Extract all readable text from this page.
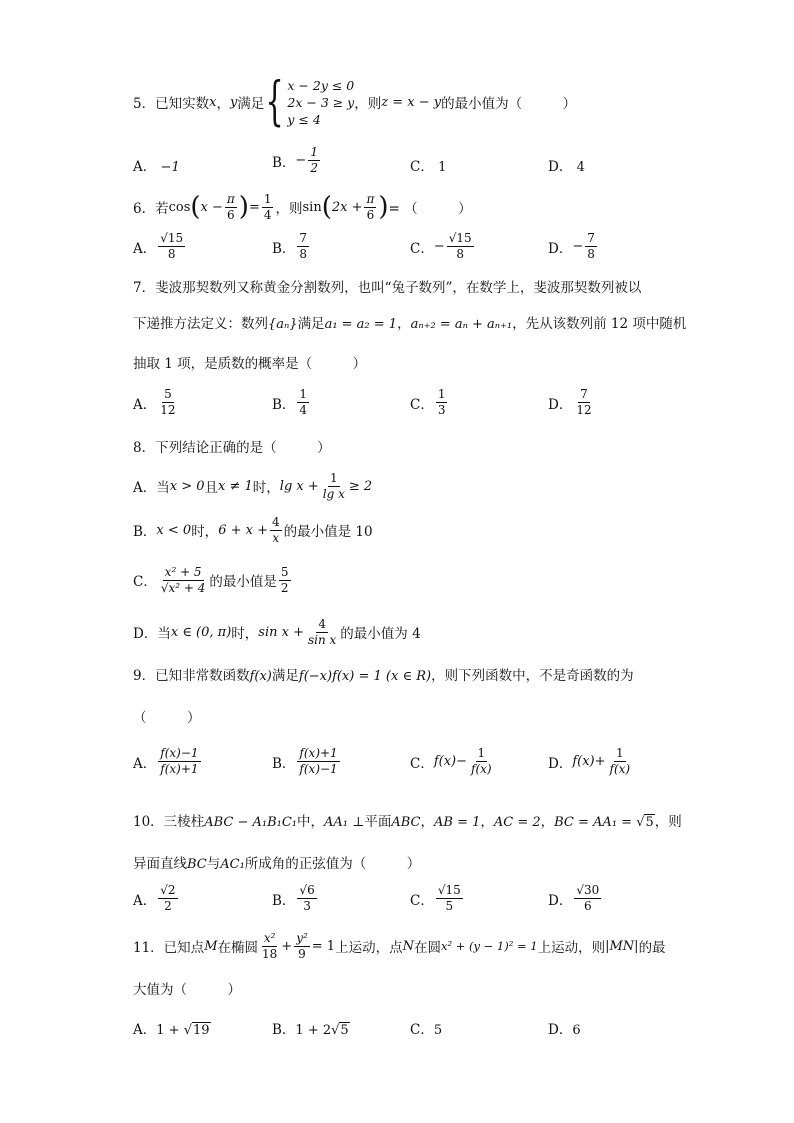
5．已知实数 x ， y 满足 { x − 2y ≤ 0
2x − 3 ≥ y
y ≤ 4
，则 z = x − y 的最小值为（　　　）
A． −1	B． − $\frac{1}{2}$	C． 1	D． 4
6．若 cos ( $x - \frac{\pi}{6}$ ) = $\frac{1}{4}$ ，则 sin ( $2x + \frac{\pi}{6}$ ) = （　　　）
A． $\frac{√15}{8}$	B． $\frac{7}{8}$	C． − $\frac{√15}{8}$	D． − $\frac{7}{8}$
7．斐波那契数列又称黄金分割数列，也叫“兔子数列”，在数学上，斐波那契数列被以
下递推方法定义：数列{aₙ}满足a₁ = a₂ = 1，aₙ₊₂ = aₙ + aₙ₊₁，先从该数列前 12 项中随机
抽取 1 项，是质数的概率是（　　　）
A． $\frac{5}{12}$	B． $\frac{1}{4}$	C． $\frac{1}{3}$	D． $\frac{7}{12}$
8．下列结论正确的是（　　　）
A．当 x > 0 且 x ≠ 1 时， $\lg x + \frac{1}{\text{lg x}} \ge 2$
B． x < 0 时， $6 + x + \frac{4}{x}$ 的最小值是 10
C． $\frac{\text{x² + 5}}{\text{√x² + 4}}$ 的最小值是 $\frac{5}{2}$
D．当 x ∈ (0, π) 时， $\sin x + \frac{4}{\text{sin x}}$ 的最小值为 4
9．已知非常数函数f(x)满足f(−x)f(x) = 1 (x ∈ R)，则下列函数中，不是奇函数的为
（　　　）
A． $\frac{f(x)-1}{f(x)+1}$	B． $\frac{f(x)+1}{f(x)-1}$	C． $f(x)- \frac{1}{f(x)}$	D． $f(x)+ \frac{1}{f(x)}$
10．三棱柱ABC − A₁B₁C₁中，AA₁ ⊥平面ABC，AB = 1，AC = 2，BC = AA₁ = √5，则
异面直线BC与AC₁所成角的正弦值为（　　　）
A． $\frac{√2}{2}$	B． $\frac{√6}{3}$	C． $\frac{√15}{5}$	D． $\frac{√30}{6}$
11．已知点 M 在椭圆 $\frac{\text{x²}}{18} + \frac{\text{y²}}{9} = 1$ 上运动，点 N 在圆 x² + (y − 1)² = 1 上运动，则 |MN| 的最
大值为（　　　）
A．1 + √19	B．1 + 2√5	C．5	D．6
